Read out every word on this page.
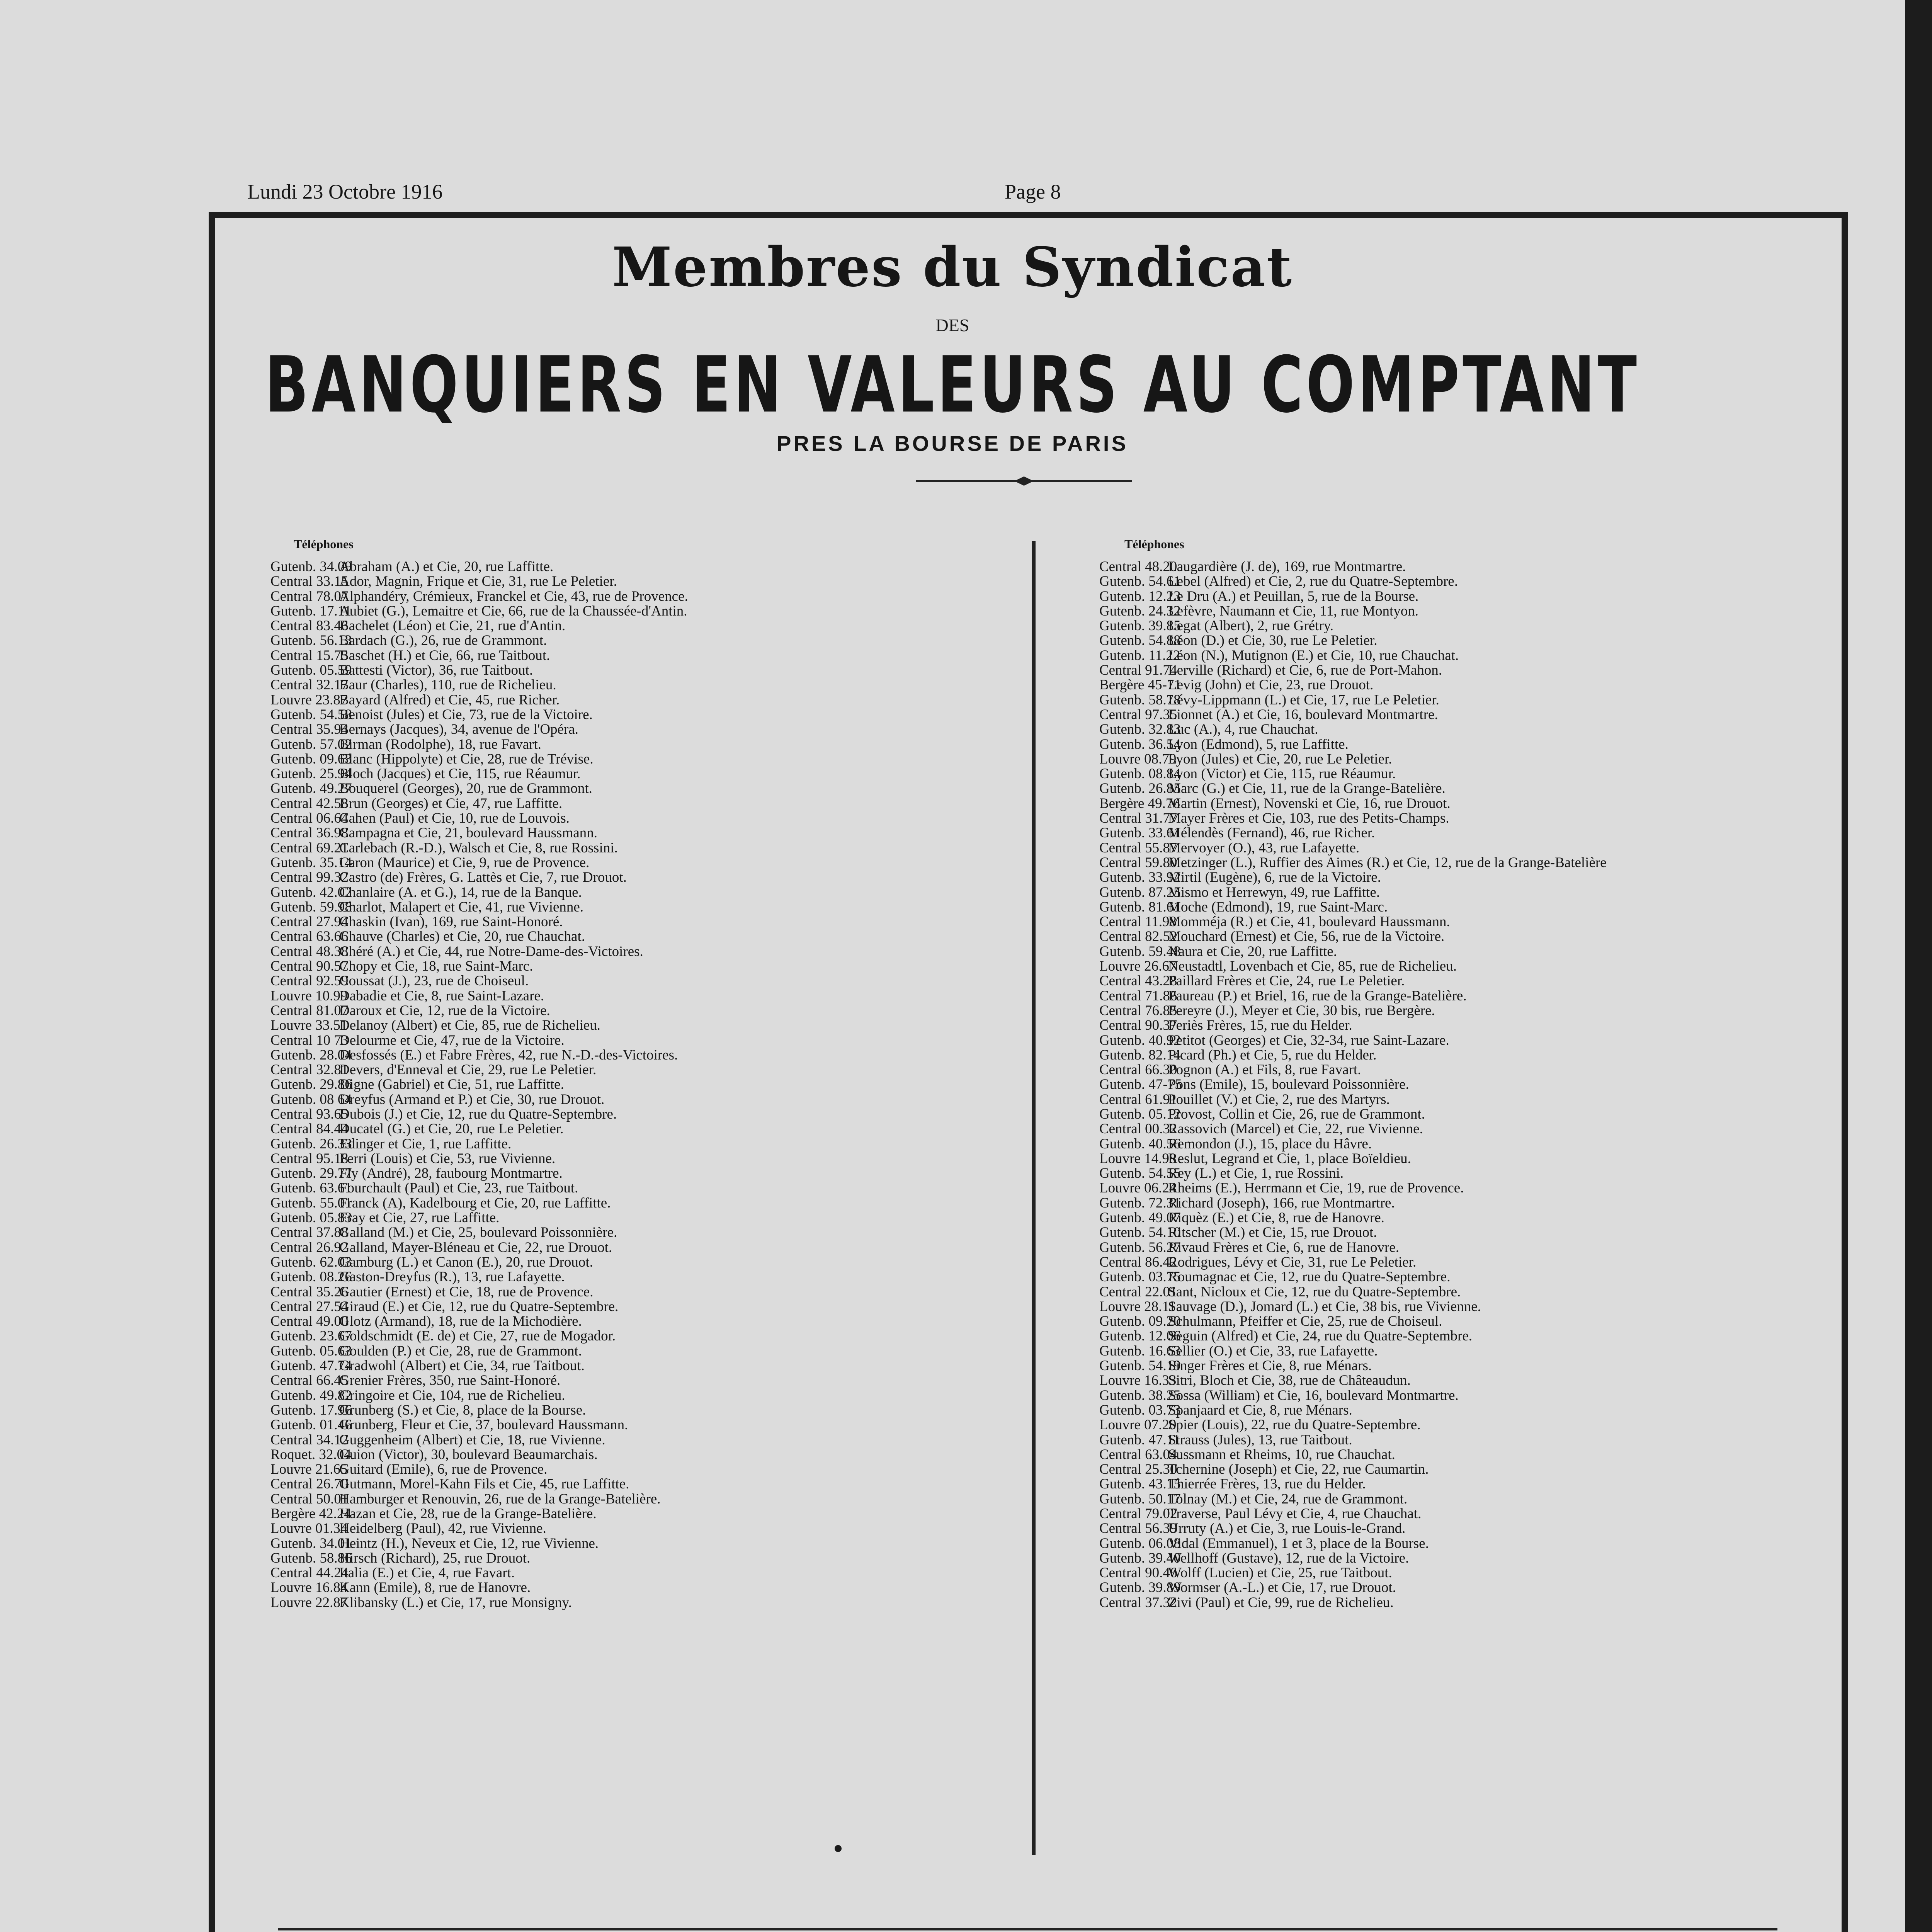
Lundi 23 Octobre 1916	Page 8
Membres du Syndicat
DES
BANQUIERS EN VALEURS AU COMPTANT
PRES LA BOURSE DE PARIS
Téléphones	Téléphones
Gutenb. 34.09
Abraham (A.) et Cie, 20, rue Laffitte.
Central 33.15
Ador, Magnin, Frique et Cie, 31, rue Le Peletier.
Central 78.07
Alphandéry, Crémieux, Franckel et Cie, 43, rue de Provence.
Gutenb. 17.11
Aubiet (G.), Lemaitre et Cie, 66, rue de la Chaussée-d'Antin.
Central 83.46
Bachelet (Léon) et Cie, 21, rue d'Antin.
Gutenb. 56.13
Bardach (G.), 26, rue de Grammont.
Central 15.75
Baschet (H.) et Cie, 66, rue Taitbout.
Gutenb. 05.59
Battesti (Victor), 36, rue Taitbout.
Central 32.17
Baur (Charles), 110, rue de Richelieu.
Louvre 23.87
Bayard (Alfred) et Cie, 45, rue Richer.
Gutenb. 54.58
Benoist (Jules) et Cie, 73, rue de la Victoire.
Central 35.94
Bernays (Jacques), 34, avenue de l'Opéra.
Gutenb. 57.02
Birman (Rodolphe), 18, rue Favart.
Gutenb. 09.63
Blanc (Hippolyte) et Cie, 28, rue de Trévise.
Gutenb. 25.94
Bloch (Jacques) et Cie, 115, rue Réaumur.
Gutenb. 49.27
Bouquerel (Georges), 20, rue de Grammont.
Central 42.58
Brun (Georges) et Cie, 47, rue Laffitte.
Central 06.64
Cahen (Paul) et Cie, 10, rue de Louvois.
Central 36.98
Campagna et Cie, 21, boulevard Haussmann.
Central 69.21
Carlebach (R.-D.), Walsch et Cie, 8, rue Rossini.
Gutenb. 35.14
Caron (Maurice) et Cie, 9, rue de Provence.
Central 99.32
Castro (de) Frères, G. Lattès et Cie, 7, rue Drouot.
Gutenb. 42.02
Chanlaire (A. et G.), 14, rue de la Banque.
Gutenb. 59.98
Charlot, Malapert et Cie, 41, rue Vivienne.
Central 27.94
Chaskin (Ivan), 169, rue Saint-Honoré.
Central 63.66
Chauve (Charles) et Cie, 20, rue Chauchat.
Central 48.38
Chéré (A.) et Cie, 44, rue Notre-Dame-des-Victoires.
Central 90.57
Chopy et Cie, 18, rue Saint-Marc.
Central 92.59
Coussat (J.), 23, rue de Choiseul.
Louvre 10.99
Dabadie et Cie, 8, rue Saint-Lazare.
Central 81.07
Daroux et Cie, 12, rue de la Victoire.
Louvre 33.51
Delanoy (Albert) et Cie, 85, rue de Richelieu.
Central 10 73
Delourme et Cie, 47, rue de la Victoire.
Gutenb. 28.04
Desfossés (E.) et Fabre Frères, 42, rue N.-D.-des-Victoires.
Central 32.81
Devers, d'Enneval et Cie, 29, rue Le Peletier.
Gutenb. 29.86
Digne (Gabriel) et Cie, 51, rue Laffitte.
Gutenb. 08 64
Dreyfus (Armand et P.) et Cie, 30, rue Drouot.
Central 93.65
Dubois (J.) et Cie, 12, rue du Quatre-Septembre.
Central 84.44
Ducatel (G.) et Cie, 20, rue Le Peletier.
Gutenb. 26.33
Edinger et Cie, 1, rue Laffitte.
Central 95.18
Ferri (Louis) et Cie, 53, rue Vivienne.
Gutenb. 29.77
Fly (André), 28, faubourg Montmartre.
Gutenb. 63.61
Fourchault (Paul) et Cie, 23, rue Taitbout.
Gutenb. 55.01
Franck (A), Kadelbourg et Cie, 20, rue Laffitte.
Gutenb. 05.83
Fray et Cie, 27, rue Laffitte.
Central 37.88
Galland (M.) et Cie, 25, boulevard Poissonnière.
Central 26.92
Galland, Mayer-Bléneau et Cie, 22, rue Drouot.
Gutenb. 62.03
Gamburg (L.) et Canon (E.), 20, rue Drouot.
Gutenb. 08.26
Gaston-Dreyfus (R.), 13, rue Lafayette.
Central 35.26
Gautier (Ernest) et Cie, 18, rue de Provence.
Central 27.54
Giraud (E.) et Cie, 12, rue du Quatre-Septembre.
Central 49.00
Glotz (Armand), 18, rue de la Michodière.
Gutenb. 23.67
Goldschmidt (E. de) et Cie, 27, rue de Mogador.
Gutenb. 05.63
Goulden (P.) et Cie, 28, rue de Grammont.
Gutenb. 47.74
Gradwohl (Albert) et Cie, 34, rue Taitbout.
Central 66.45
Grenier Frères, 350, rue Saint-Honoré.
Gutenb. 49.82
Gringoire et Cie, 104, rue de Richelieu.
Gutenb. 17.96
Grunberg (S.) et Cie, 8, place de la Bourse.
Gutenb. 01.46
Grunberg, Fleur et Cie, 37, boulevard Haussmann.
Central 34.12
Guggenheim (Albert) et Cie, 18, rue Vivienne.
Roquet. 32.04
Guion (Victor), 30, boulevard Beaumarchais.
Louvre 21.65
Guitard (Emile), 6, rue de Provence.
Central 26.70
Gutmann, Morel-Kahn Fils et Cie, 45, rue Laffitte.
Central 50.01
Hamburger et Renouvin, 26, rue de la Grange-Batelière.
Bergère 42.24
Hazan et Cie, 28, rue de la Grange-Batelière.
Louvre 01.34
Heidelberg (Paul), 42, rue Vivienne.
Gutenb. 34.01
Heintz (H.), Neveux et Cie, 12, rue Vivienne.
Gutenb. 58.86
Hirsch (Richard), 25, rue Drouot.
Central 44.24
Italia (E.) et Cie, 4, rue Favart.
Louvre 16.84
Kann (Emile), 8, rue de Hanovre.
Louvre 22.87
Klibansky (L.) et Cie, 17, rue Monsigny.
Central 48.20
Laugardière (J. de), 169, rue Montmartre.
Gutenb. 54.61
Lebel (Alfred) et Cie, 2, rue du Quatre-Septembre.
Gutenb. 12.23
Le Dru (A.) et Peuillan, 5, rue de la Bourse.
Gutenb. 24.32
Lefèvre, Naumann et Cie, 11, rue Montyon.
Gutenb. 39.85
Legat (Albert), 2, rue Grétry.
Gutenb. 54.88
Léon (D.) et Cie, 30, rue Le Peletier.
Gutenb. 11.22
Léon (N.), Mutignon (E.) et Cie, 10, rue Chauchat.
Central 91.74
Lerville (Richard) et Cie, 6, rue de Port-Mahon.
Bergère 45-71
Levig (John) et Cie, 23, rue Drouot.
Gutenb. 58.78
Lévy-Lippmann (L.) et Cie, 17, rue Le Peletier.
Central 97.35
Lionnet (A.) et Cie, 16, boulevard Montmartre.
Gutenb. 32.83
Luc (A.), 4, rue Chauchat.
Gutenb. 36.54
Lyon (Edmond), 5, rue Laffitte.
Louvre 08.79
Lyon (Jules) et Cie, 20, rue Le Peletier.
Gutenb. 08.84
Lyon (Victor) et Cie, 115, rue Réaumur.
Gutenb. 26.85
Marc (G.) et Cie, 11, rue de la Grange-Batelière.
Bergère 49.76
Martin (Ernest), Novenski et Cie, 16, rue Drouot.
Central 31.77
Mayer Frères et Cie, 103, rue des Petits-Champs.
Gutenb. 33.61
Mélendès (Fernand), 46, rue Richer.
Central 55.87
Mervoyer (O.), 43, rue Lafayette.
Central 59.80
Metzinger (L.), Ruffier des Aimes (R.) et Cie, 12, rue de la Grange-Batelière
Gutenb. 33.92
Mirtil (Eugène), 6, rue de la Victoire.
Gutenb. 87.25
Mismo et Herrewyn, 49, rue Laffitte.
Gutenb. 81.61
Moche (Edmond), 19, rue Saint-Marc.
Central 11.98
Momméja (R.) et Cie, 41, boulevard Haussmann.
Central 82.52
Mouchard (Ernest) et Cie, 56, rue de la Victoire.
Gutenb. 59.48
Naura et Cie, 20, rue Laffitte.
Louvre 26.67
Neustadtl, Lovenbach et Cie, 85, rue de Richelieu.
Central 43.28
Paillard Frères et Cie, 24, rue Le Peletier.
Central 71.86
Paureau (P.) et Briel, 16, rue de la Grange-Batelière.
Central 76.85
Pereyre (J.), Meyer et Cie, 30 bis, rue Bergère.
Central 90.37
Periès Frères, 15, rue du Helder.
Gutenb. 40.92
Petitot (Georges) et Cie, 32-34, rue Saint-Lazare.
Gutenb. 82.14
Picard (Ph.) et Cie, 5, rue du Helder.
Central 66.30
Pognon (A.) et Fils, 8, rue Favart.
Gutenb. 47-75
Pons (Emile), 15, boulevard Poissonnière.
Central 61.91
Pouillet (V.) et Cie, 2, rue des Martyrs.
Gutenb. 05.12
Provost, Collin et Cie, 26, rue de Grammont.
Central 00.32
Rassovich (Marcel) et Cie, 22, rue Vivienne.
Gutenb. 40.56
Remondon (J.), 15, place du Hâvre.
Louvre 14.98
Reslut, Legrand et Cie, 1, place Boïeldieu.
Gutenb. 54.55
Rey (L.) et Cie, 1, rue Rossini.
Louvre 06.24
Rheims (E.), Herrmann et Cie, 19, rue de Provence.
Gutenb. 72.31
Richard (Joseph), 166, rue Montmartre.
Gutenb. 49.07
Riquèz (E.) et Cie, 8, rue de Hanovre.
Gutenb. 54.10
Ritscher (M.) et Cie, 15, rue Drouot.
Gutenb. 56.27
Rivaud Frères et Cie, 6, rue de Hanovre.
Central 86.42
Rodrigues, Lévy et Cie, 31, rue Le Peletier.
Gutenb. 03.75
Roumagnac et Cie, 12, rue du Quatre-Septembre.
Central 22.01
Sant, Nicloux et Cie, 12, rue du Quatre-Septembre.
Louvre 28.11
Sauvage (D.), Jomard (L.) et Cie, 38 bis, rue Vivienne.
Gutenb. 09.20
Schulmann, Pfeiffer et Cie, 25, rue de Choiseul.
Gutenb. 12.06
Seguin (Alfred) et Cie, 24, rue du Quatre-Septembre.
Gutenb. 16.63
Sellier (O.) et Cie, 33, rue Lafayette.
Gutenb. 54.19
Singer Frères et Cie, 8, rue Ménars.
Louvre 16.33
Sitri, Bloch et Cie, 38, rue de Châteaudun.
Gutenb. 38.25
Sossa (William) et Cie, 16, boulevard Montmartre.
Gutenb. 03.73
Spanjaard et Cie, 8, rue Ménars.
Louvre 07.20
Spier (Louis), 22, rue du Quatre-Septembre.
Gutenb. 47.11
Strauss (Jules), 13, rue Taitbout.
Central 63.04
Sussmann et Rheims, 10, rue Chauchat.
Central 25.30
Tchernine (Joseph) et Cie, 22, rue Caumartin.
Gutenb. 43.15
Thierrée Frères, 13, rue du Helder.
Gutenb. 50.17
Tolnay (M.) et Cie, 24, rue de Grammont.
Central 79.02
Traverse, Paul Lévy et Cie, 4, rue Chauchat.
Central 56.39
Urruty (A.) et Cie, 3, rue Louis-le-Grand.
Gutenb. 06.08
Vidal (Emmanuel), 1 et 3, place de la Bourse.
Gutenb. 39.40
Wellhoff (Gustave), 12, rue de la Victoire.
Central 90.46
Wolff (Lucien) et Cie, 25, rue Taitbout.
Gutenb. 39.89
Wormser (A.-L.) et Cie, 17, rue Drouot.
Central 37.32
Zivi (Paul) et Cie, 99, rue de Richelieu.
